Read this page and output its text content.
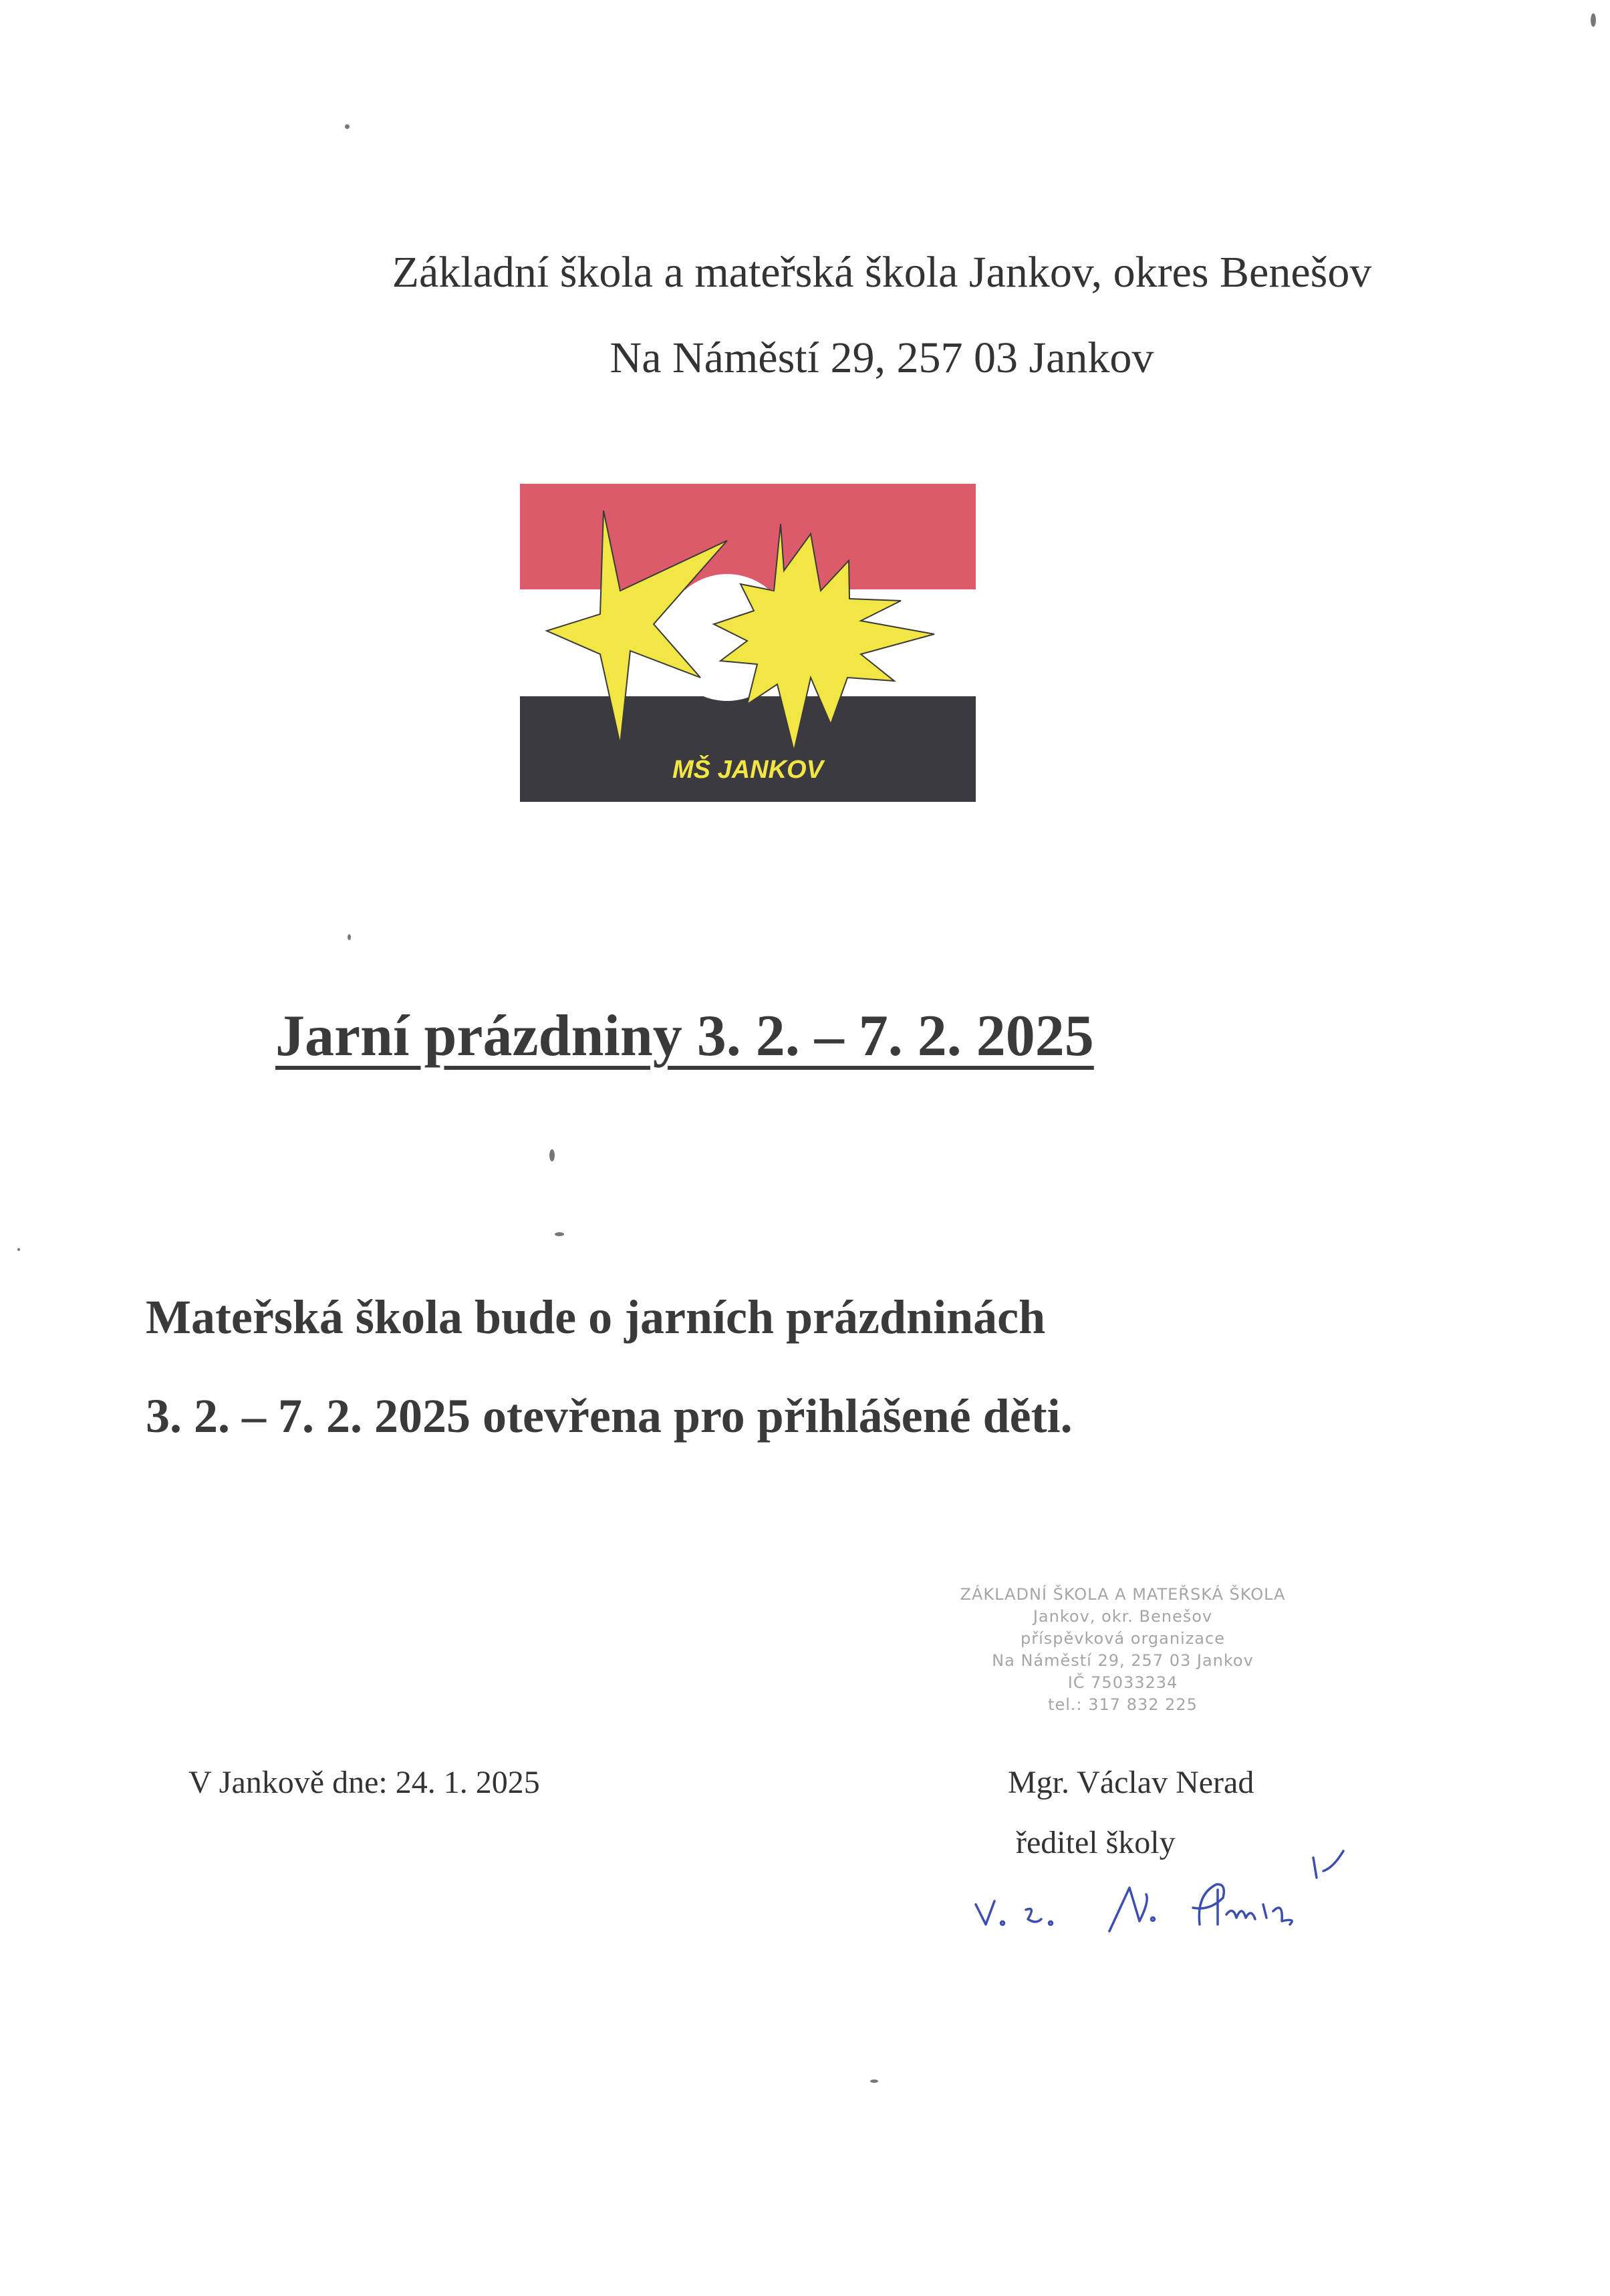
Základní škola a mateřská škola Jankov, okres Benešov
Na Náměstí 29, 257 03 Jankov
MŠ JANKOV
Jarní prázdniny 3. 2. – 7. 2. 2025
Mateřská škola bude o jarních prázdninách
3. 2. – 7. 2. 2025 otevřena pro přihlášené děti.
ZÁKLADNÍ ŠKOLA A MATEŘSKÁ ŠKOLA
Jankov, okr. Benešov
příspěvková organizace
Na Náměstí 29, 257 03 Jankov
IČ 75033234
tel.: 317 832 225
V Jankově dne: 24. 1. 2025	Mgr. Václav Nerad
ředitel školy
